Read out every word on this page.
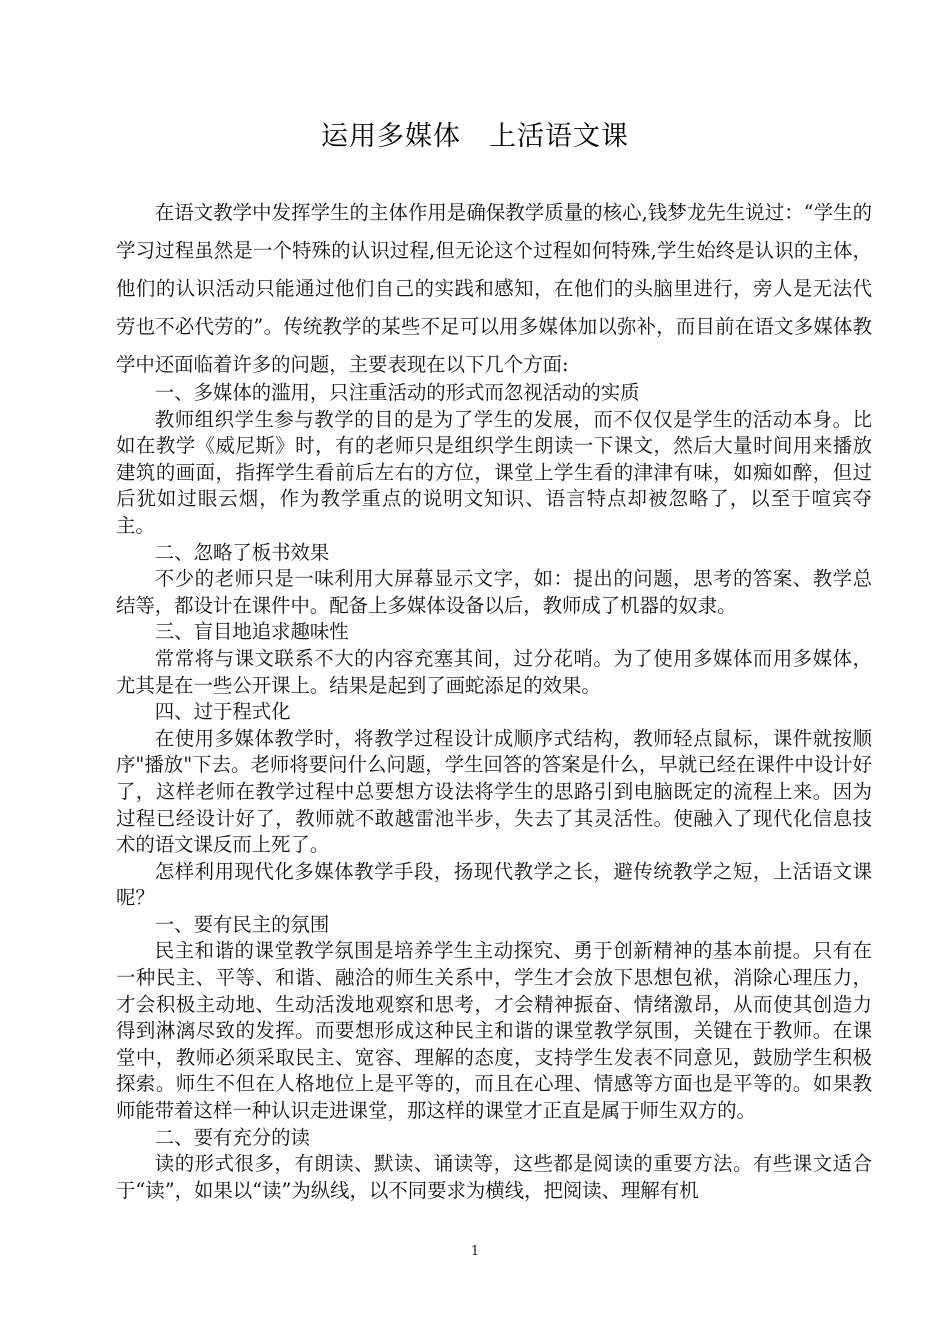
运用多媒体　上活语文课

在语文教学中发挥学生的主体作用是确保教学质量的核心,钱梦龙先生说过：“学生的学习过程虽然是一个特殊的认识过程,但无论这个过程如何特殊,学生始终是认识的主体，他们的认识活动只能通过他们自己的实践和感知，在他们的头脑里进行，旁人是无法代劳也不必代劳的”。传统教学的某些不足可以用多媒体加以弥补，而目前在语文多媒体教学中还面临着许多的问题，主要表现在以下几个方面:

一、多媒体的滥用，只注重活动的形式而忽视活动的实质

教师组织学生参与教学的目的是为了学生的发展，而不仅仅是学生的活动本身。比如在教学《威尼斯》时，有的老师只是组织学生朗读一下课文，然后大量时间用来播放建筑的画面，指挥学生看前后左右的方位，课堂上学生看的津津有味，如痴如醉，但过后犹如过眼云烟，作为教学重点的说明文知识、语言特点却被忽略了，以至于喧宾夺主。

二、忽略了板书效果

不少的老师只是一味利用大屏幕显示文字，如：提出的问题，思考的答案、教学总结等，都设计在课件中。配备上多媒体设备以后，教师成了机器的奴隶。

三、盲目地追求趣味性

常常将与课文联系不大的内容充塞其间，过分花哨。为了使用多媒体而用多媒体，尤其是在一些公开课上。结果是起到了画蛇添足的效果。

四、过于程式化

在使用多媒体教学时，将教学过程设计成顺序式结构，教师轻点鼠标，课件就按顺序"播放"下去。老师将要问什么问题，学生回答的答案是什么，早就已经在课件中设计好了，这样老师在教学过程中总要想方设法将学生的思路引到电脑既定的流程上来。因为过程已经设计好了，教师就不敢越雷池半步，失去了其灵活性。使融入了现代化信息技术的语文课反而上死了。

怎样利用现代化多媒体教学手段，扬现代教学之长，避传统教学之短，上活语文课呢？

一、要有民主的氛围

民主和谐的课堂教学氛围是培养学生主动探究、勇于创新精神的基本前提。只有在一种民主、平等、和谐、融洽的师生关系中，学生才会放下思想包袱，消除心理压力，才会积极主动地、生动活泼地观察和思考，才会精神振奋、情绪激昂，从而使其创造力得到淋漓尽致的发挥。而要想形成这种民主和谐的课堂教学氛围，关键在于教师。在课堂中，教师必须采取民主、宽容、理解的态度，支持学生发表不同意见，鼓励学生积极探索。师生不但在人格地位上是平等的，而且在心理、情感等方面也是平等的。如果教师能带着这样一种认识走进课堂，那这样的课堂才正直是属于师生双方的。

二、要有充分的读

读的形式很多，有朗读、默读、诵读等，这些都是阅读的重要方法。有些课文适合于“读”，如果以“读”为纵线，以不同要求为横线，把阅读、理解有机

1
